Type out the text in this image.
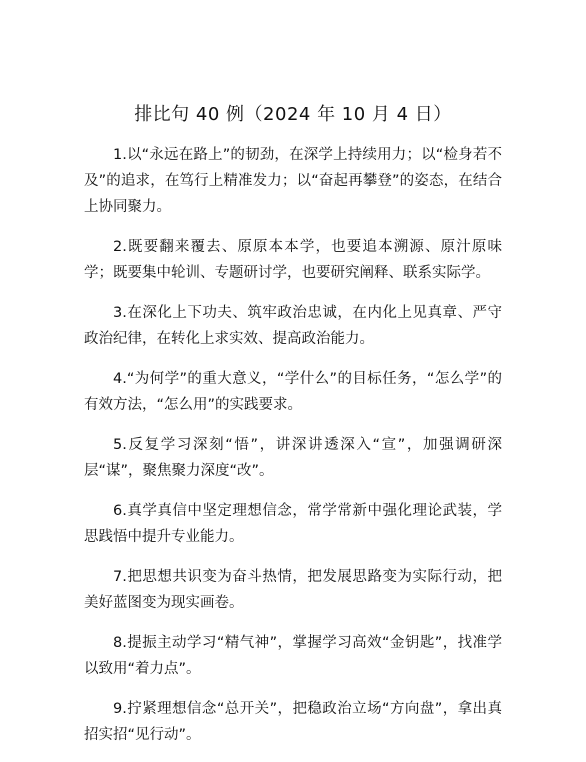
排比句 40 例（2024 年 10 月 4 日）

1.以“永远在路上”的韧劲，在深学上持续用力；以“检身若不及”的追求，在笃行上精准发力；以“奋起再攀登”的姿态，在结合上协同聚力。

2.既要翻来覆去、原原本本学，也要追本溯源、原汁原味学；既要集中轮训、专题研讨学，也要研究阐释、联系实际学。

3.在深化上下功夫、筑牢政治忠诚，在内化上见真章、严守政治纪律，在转化上求实效、提高政治能力。

4.“为何学”的重大意义，“学什么”的目标任务，“怎么学”的有效方法，“怎么用”的实践要求。

5.反复学习深刻“悟”，讲深讲透深入“宣”，加强调研深层“谋”，聚焦聚力深度“改”。

6.真学真信中坚定理想信念，常学常新中强化理论武装，学思践悟中提升专业能力。

7.把思想共识变为奋斗热情，把发展思路变为实际行动，把美好蓝图变为现实画卷。

8.提振主动学习“精气神”，掌握学习高效“金钥匙”，找准学以致用“着力点”。

9.拧紧理想信念“总开关”，把稳政治立场“方向盘”，拿出真招实招“见行动”。
